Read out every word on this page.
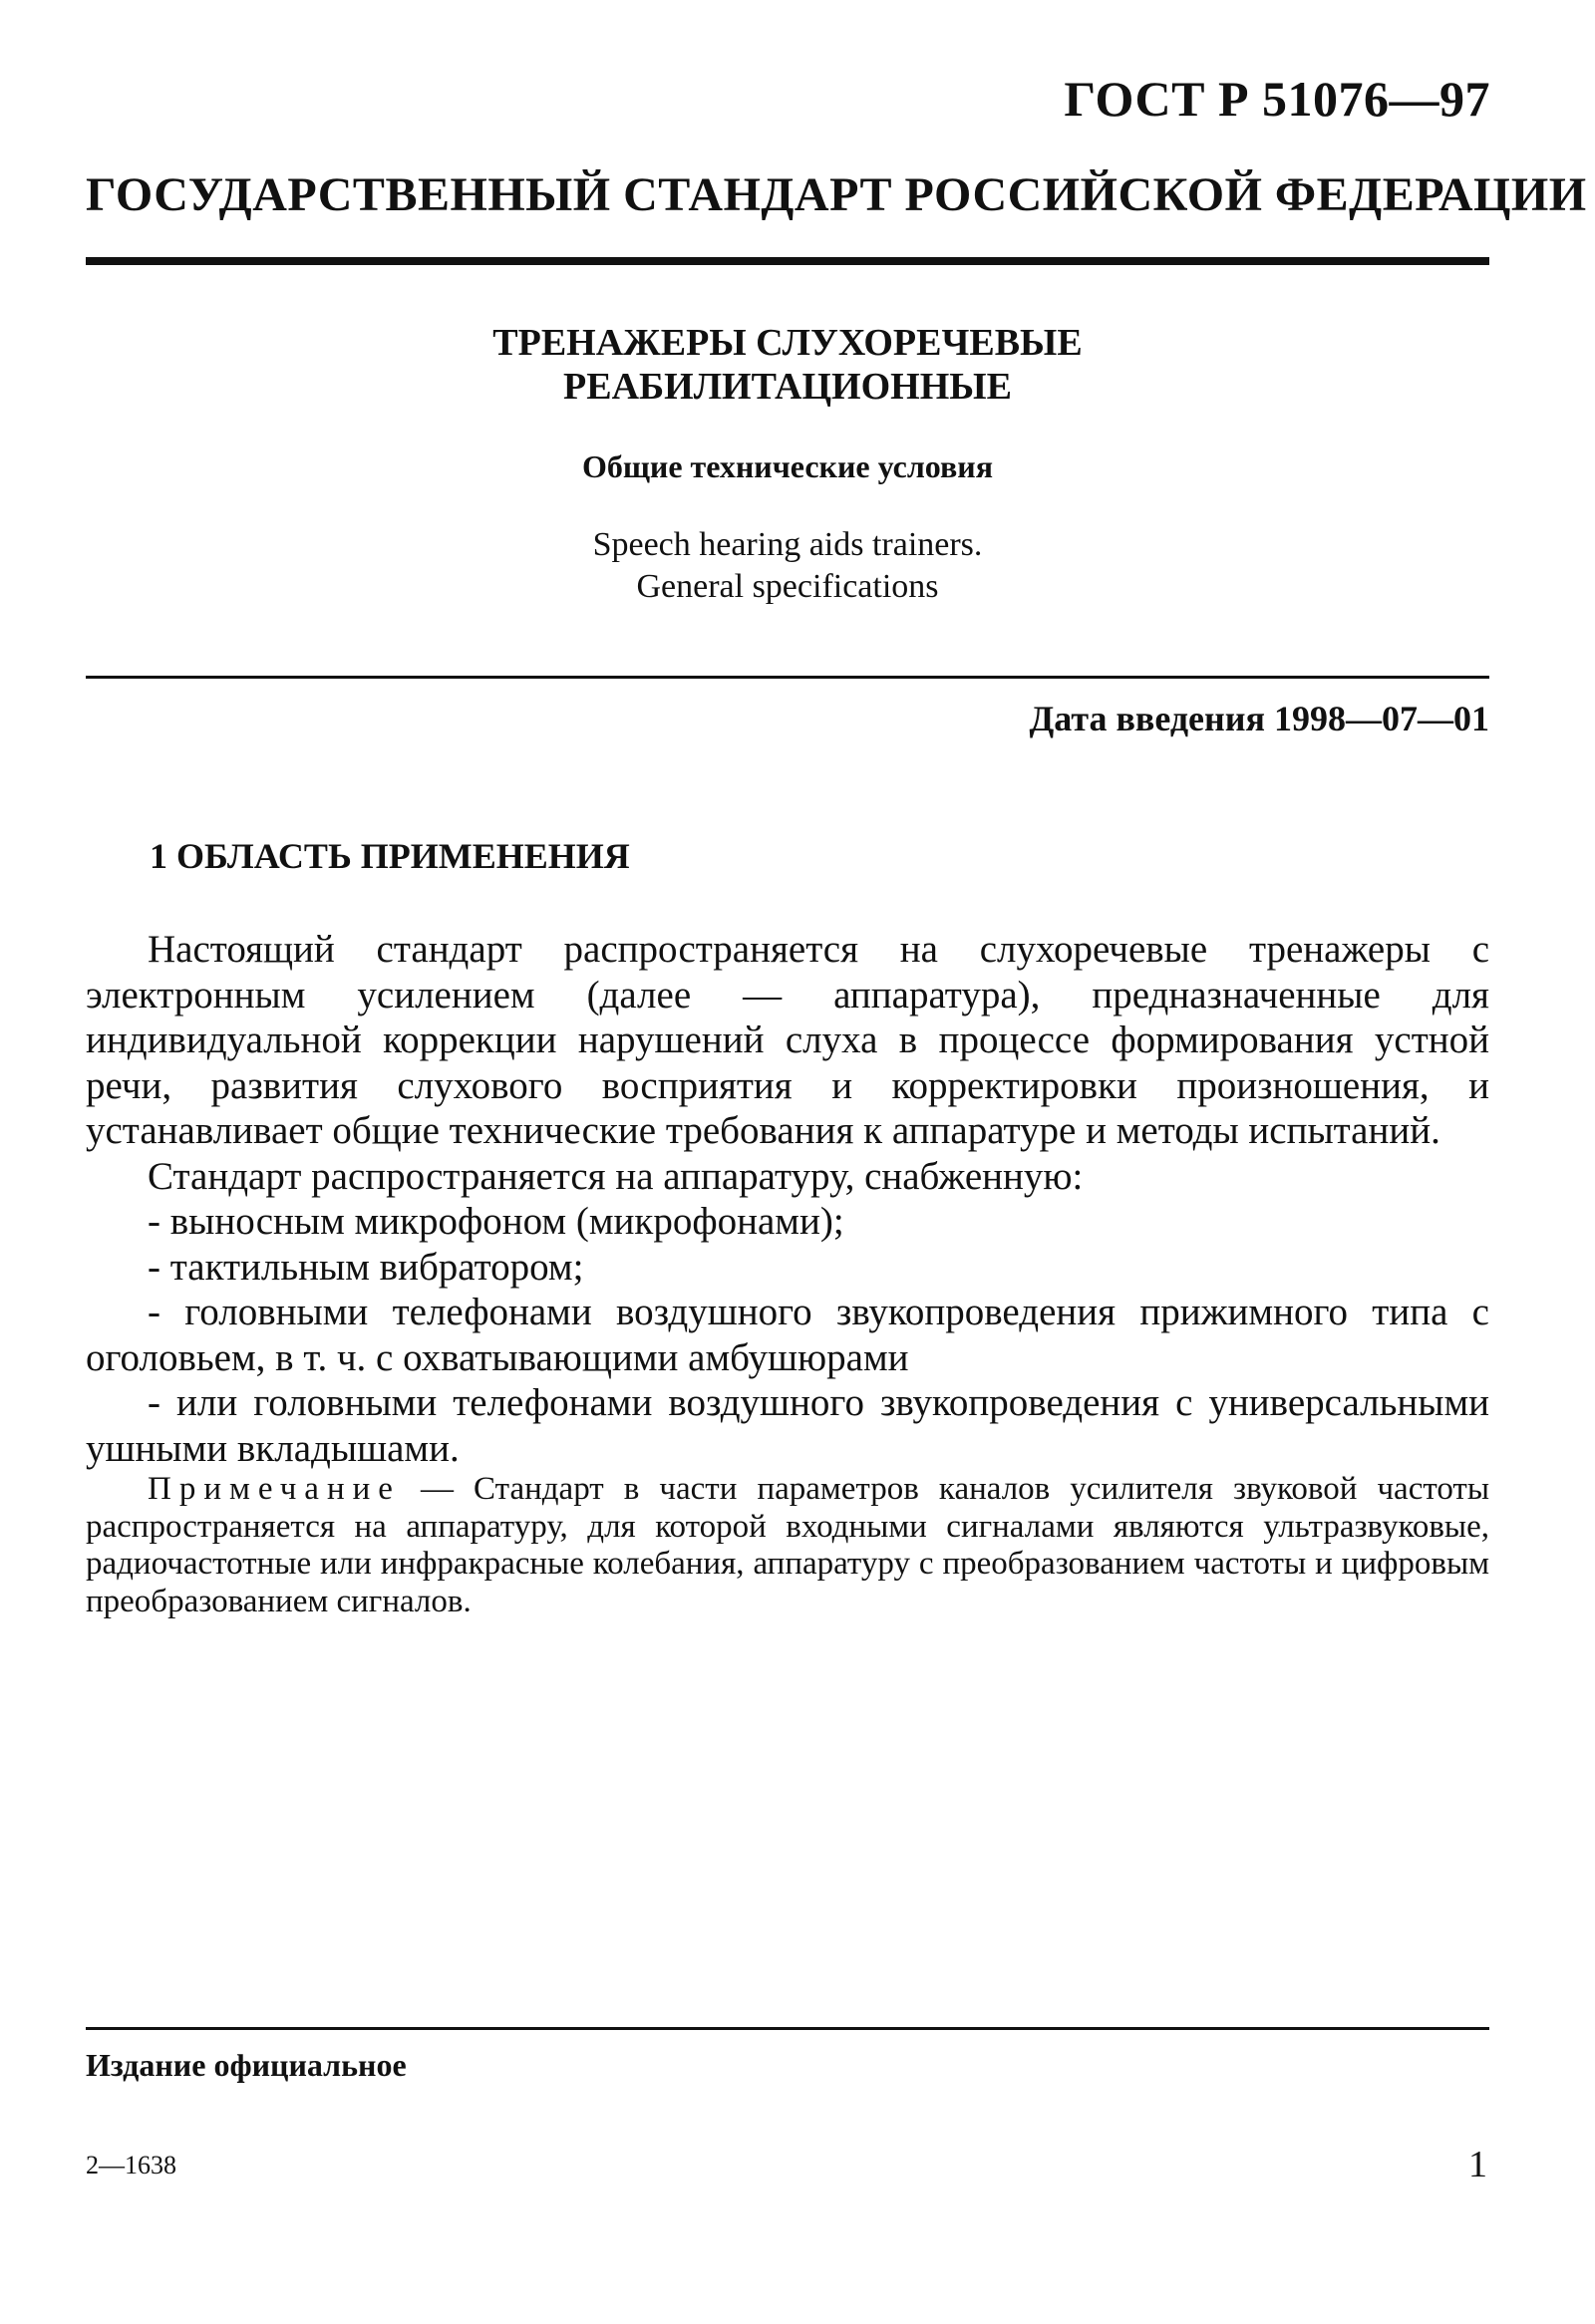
ГОСТ Р 51076—97
ГОСУДАРСТВЕННЫЙ СТАНДАРТ РОССИЙСКОЙ ФЕДЕРАЦИИ
ТРЕНАЖЕРЫ СЛУХОРЕЧЕВЫЕ
РЕАБИЛИТАЦИОННЫЕ
Общие технические условия
Speech hearing aids trainers.
General specifications
Дата введения 1998—07—01
1 ОБЛАСТЬ ПРИМЕНЕНИЯ

Настоящий стандарт распространяется на слухоречевые тренажеры с электронным усилением (далее — аппаратура), предназначенные для индивидуальной коррекции нарушений слуха в процессе формирования устной речи, развития слухового восприятия и корректировки произношения, и устанавливает общие технические требования к аппаратуре и методы испытаний.

Стандарт распространяется на аппаратуру, снабженную:

- выносным микрофоном (микрофонами);

- тактильным вибратором;

- головными телефонами воздушного звукопроведения прижимного типа с оголовьем, в т. ч. с охватывающими амбушюрами

- или головными телефонами воздушного звукопроведения с универсальными ушными вкладышами.

Примечание — Стандарт в части параметров каналов усилителя звуковой частоты распространяется на аппаратуру, для которой входными сигналами являются ультразвуковые, радиочастотные или инфракрасные колебания, аппаратуру с преобразованием частоты и цифровым преобразованием сигналов.

Издание официальное
2—1638	1
